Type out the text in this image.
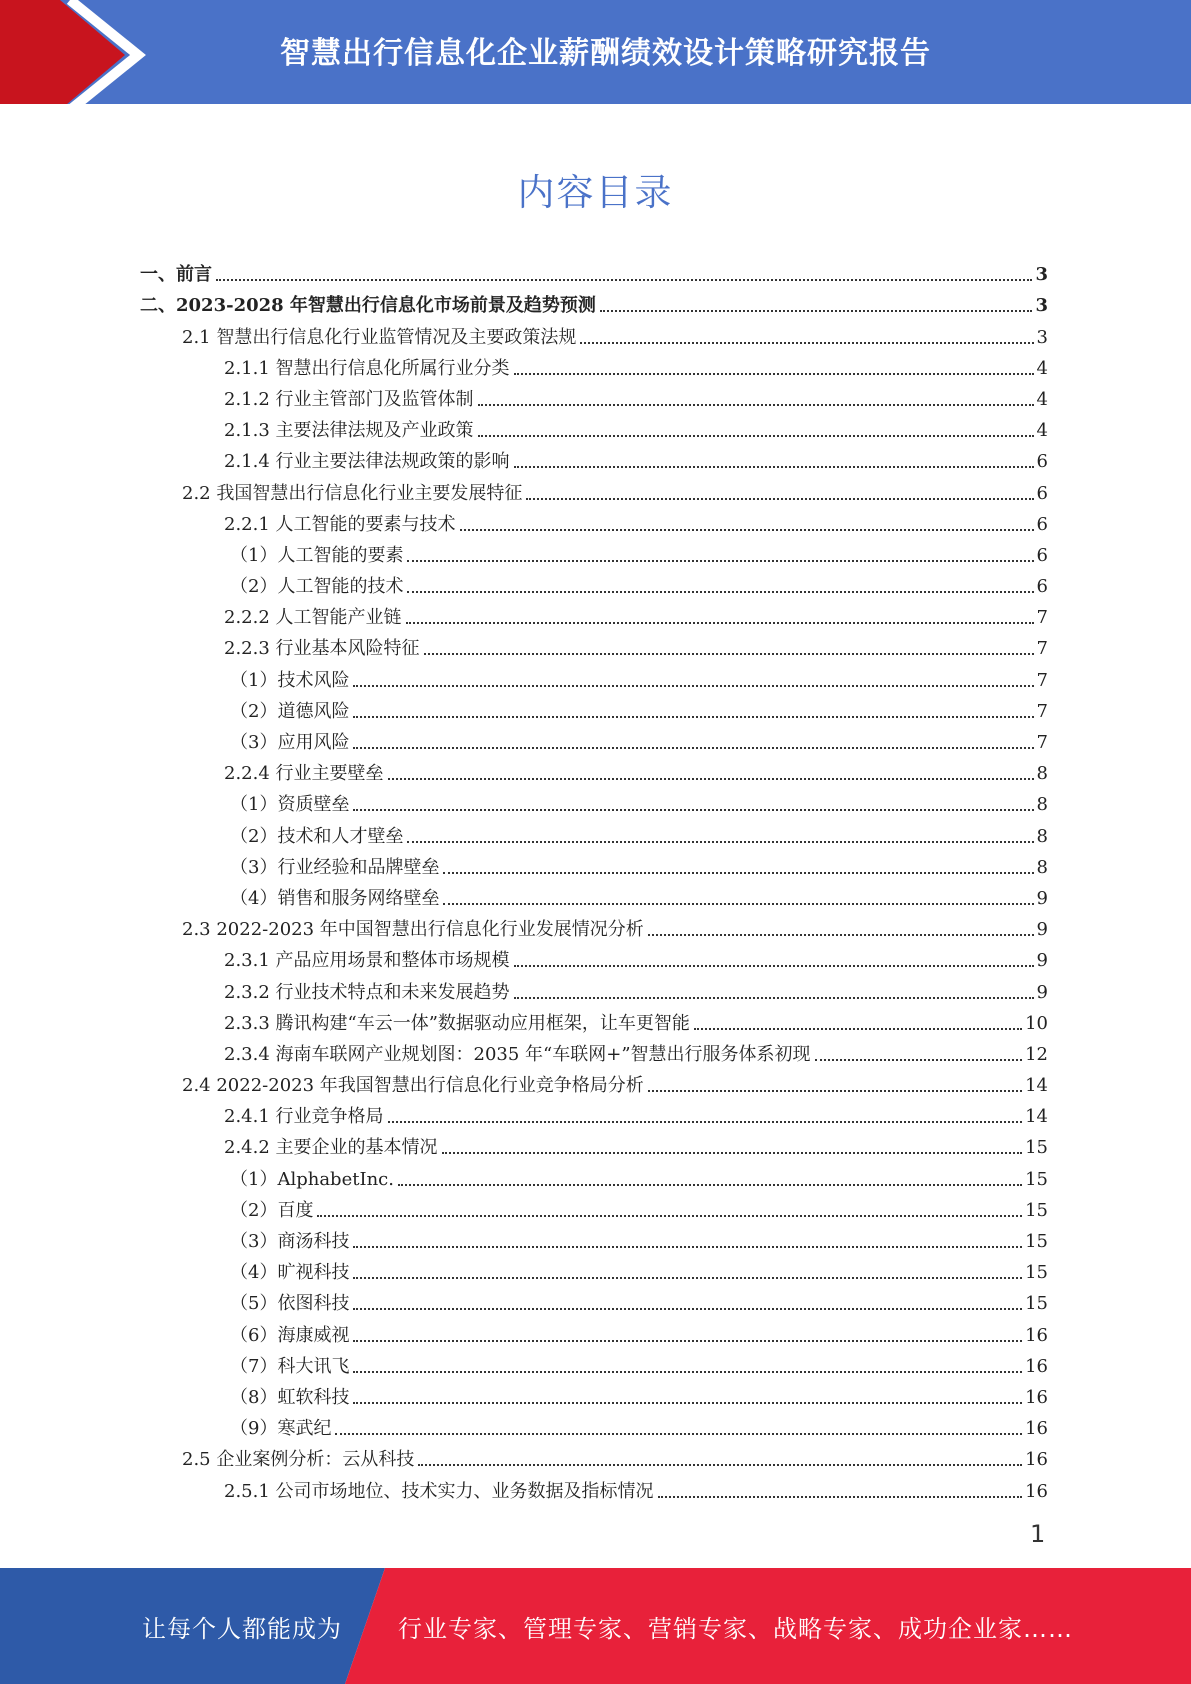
智慧出行信息化企业薪酬绩效设计策略研究报告
内容目录
一、前言	3
二、2023-2028 年智慧出行信息化市场前景及趋势预测	3
2.1 智慧出行信息化行业监管情况及主要政策法规	3
2.1.1 智慧出行信息化所属行业分类	4
2.1.2 行业主管部门及监管体制	4
2.1.3 主要法律法规及产业政策	4
2.1.4 行业主要法律法规政策的影响	6
2.2 我国智慧出行信息化行业主要发展特征	6
2.2.1 人工智能的要素与技术	6
（1）人工智能的要素	6
（2）人工智能的技术	6
2.2.2 人工智能产业链	7
2.2.3 行业基本风险特征	7
（1）技术风险	7
（2）道德风险	7
（3）应用风险	7
2.2.4 行业主要壁垒	8
（1）资质壁垒	8
（2）技术和人才壁垒	8
（3）行业经验和品牌壁垒	8
（4）销售和服务网络壁垒	9
2.3 2022-2023 年中国智慧出行信息化行业发展情况分析	9
2.3.1 产品应用场景和整体市场规模	9
2.3.2 行业技术特点和未来发展趋势	9
2.3.3 腾讯构建“车云一体”数据驱动应用框架，让车更智能	10
2.3.4 海南车联网产业规划图：2035 年“车联网+”智慧出行服务体系初现	12
2.4 2022-2023 年我国智慧出行信息化行业竞争格局分析	14
2.4.1 行业竞争格局	14
2.4.2 主要企业的基本情况	15
（1）AlphabetInc.	15
（2）百度	15
（3）商汤科技	15
（4）旷视科技	15
（5）依图科技	15
（6）海康威视	16
（7）科大讯飞	16
（8）虹软科技	16
（9）寒武纪	16
2.5 企业案例分析：云从科技	16
2.5.1 公司市场地位、技术实力、业务数据及指标情况	16
1
让每个人都能成为 行业专家、管理专家、营销专家、战略专家、成功企业家……
